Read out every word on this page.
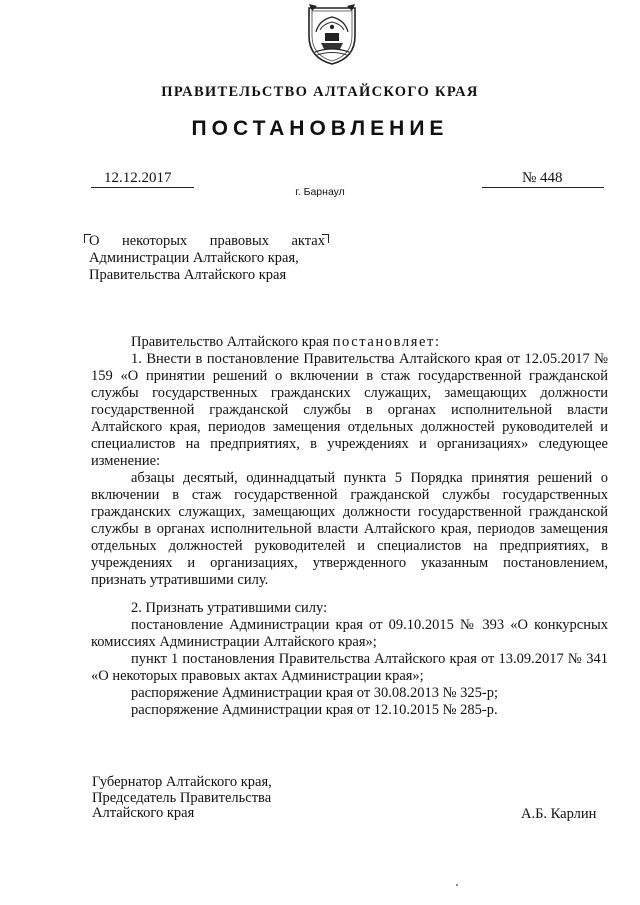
ПРАВИТЕЛЬСТВО АЛТАЙСКОГО КРАЯ
ПОСТАНОВЛЕНИЕ
12.12.2017	№ 448
г. Барнаул
О некоторых правовых актах
Администрации Алтайского края,
Правительства Алтайского края
Правительство Алтайского края постановляет:
1. Внести в постановление Правительства Алтайского края от 12.05.2017 № 159 «О принятии решений о включении в стаж государственной гражданской службы государственных гражданских служащих, замещающих должности государственной гражданской службы в органах исполнительной власти Алтайского края, периодов замещения отдельных должностей руководителей и специалистов на предприятиях, в учреждениях и организациях» следующее изменение:
абзацы десятый, одиннадцатый пункта 5 Порядка принятия решений о включении в стаж государственной гражданской службы государственных гражданских служащих, замещающих должности государственной гражданской службы в органах исполнительной власти Алтайского края, периодов замещения отдельных должностей руководителей и специалистов на предприятиях, в учреждениях и организациях, утвержденного указанным постановлением, признать утратившими силу.
2. Признать утратившими силу:
постановление Администрации края от 09.10.2015 № 393 «О конкурсных комиссиях Администрации Алтайского края»;
пункт 1 постановления Правительства Алтайского края от 13.09.2017 № 341 «О некоторых правовых актах Администрации края»;
распоряжение Администрации края от 30.08.2013 № 325-р;
распоряжение Администрации края от 12.10.2015 № 285-р.
Губернатор Алтайского края,
Председатель Правительства
Алтайского края	А.Б. Карлин
